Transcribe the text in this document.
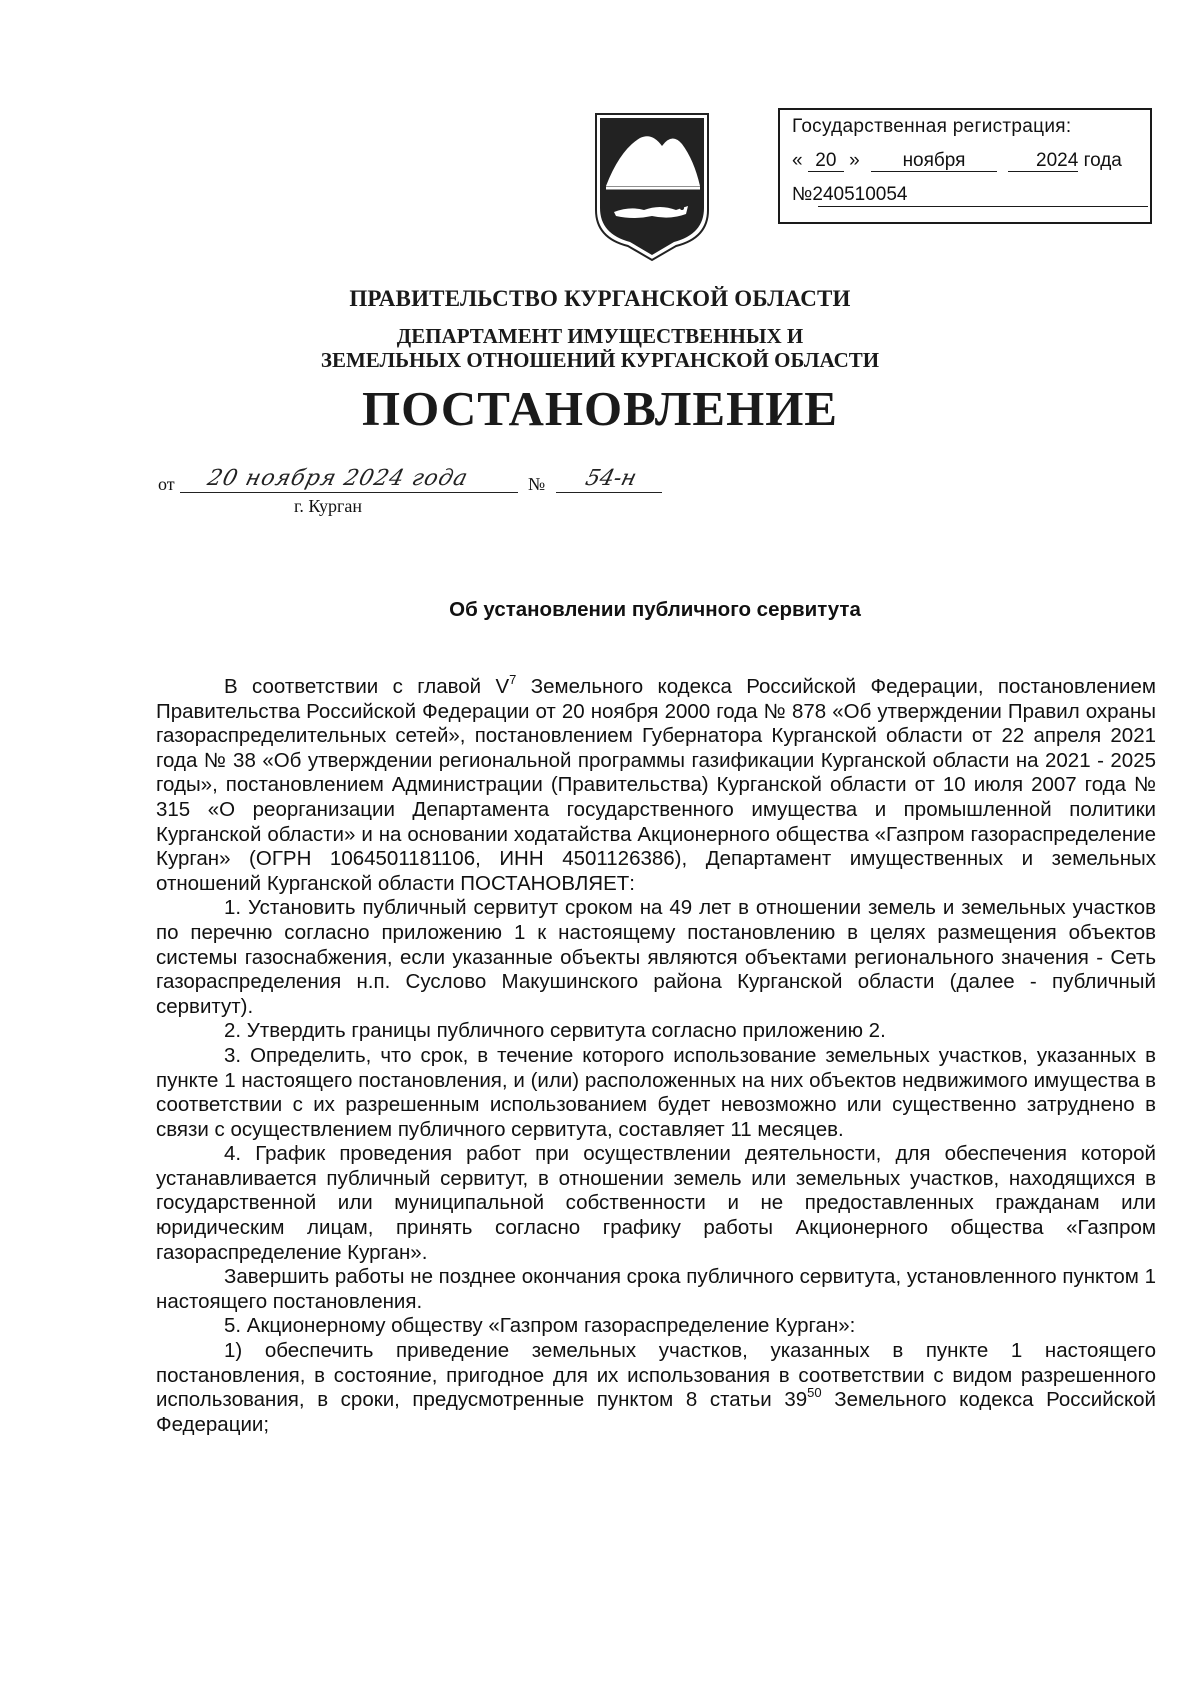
Государственная регистрация:
« 20 » ноября	2024 года
№240510054
ПРАВИТЕЛЬСТВО КУРГАНСКОЙ ОБЛАСТИ
ДЕПАРТАМЕНТ ИМУЩЕСТВЕННЫХ И
ЗЕМЕЛЬНЫХ ОТНОШЕНИЙ КУРГАНСКОЙ ОБЛАСТИ
ПОСТАНОВЛЕНИЕ
от 20 ноября 2024 года	№ 54-н
г. Курган
Об установлении публичного сервитута

В соответствии с главой $V^7$ Земельного кодекса Российской Федерации, постановлением Правительства Российской Федерации от 20 ноября 2000 года № 878 «Об утверждении Правил охраны газораспределительных сетей», постановлением Губернатора Курганской области от 22 апреля 2021 года № 38 «Об утверждении региональной программы газификации Курганской области на 2021 - 2025 годы», постановлением Администрации (Правительства) Курганской области от 10 июля 2007 года № 315 «О реорганизации Департамента государственного имущества и промышленной политики Курганской области» и на основании ходатайства Акционерного общества «Газпром газораспределение Курган» (ОГРН 1064501181106, ИНН 4501126386), Департамент имущественных и земельных отношений Курганской области ПОСТАНОВЛЯЕТ:

1. Установить публичный сервитут сроком на 49 лет в отношении земель и земельных участков по перечню согласно приложению 1 к настоящему постановлению в целях размещения объектов системы газоснабжения, если указанные объекты являются объектами регионального значения - Сеть газораспределения н.п. Суслово Макушинского района Курганской области (далее - публичный сервитут).

2. Утвердить границы публичного сервитута согласно приложению 2.

3. Определить, что срок, в течение которого использование земельных участков, указанных в пункте 1 настоящего постановления, и (или) расположенных на них объектов недвижимого имущества в соответствии с их разрешенным использованием будет невозможно или существенно затруднено в связи с осуществлением публичного сервитута, составляет 11 месяцев.

4. График проведения работ при осуществлении деятельности, для обеспечения которой устанавливается публичный сервитут, в отношении земель или земельных участков, находящихся в государственной или муниципальной собственности и не предоставленных гражданам или юридическим лицам, принять согласно графику работы Акционерного общества «Газпром газораспределение Курган».

Завершить работы не позднее окончания срока публичного сервитута, установленного пунктом 1 настоящего постановления.

5. Акционерному обществу «Газпром газораспределение Курган»:

1) обеспечить приведение земельных участков, указанных в пункте 1 настоящего постановления, в состояние, пригодное для их использования в соответствии с видом разрешенного использования, в сроки, предусмотренные пунктом 8 статьи $39^{50}$ Земельного кодекса Российской Федерации;
